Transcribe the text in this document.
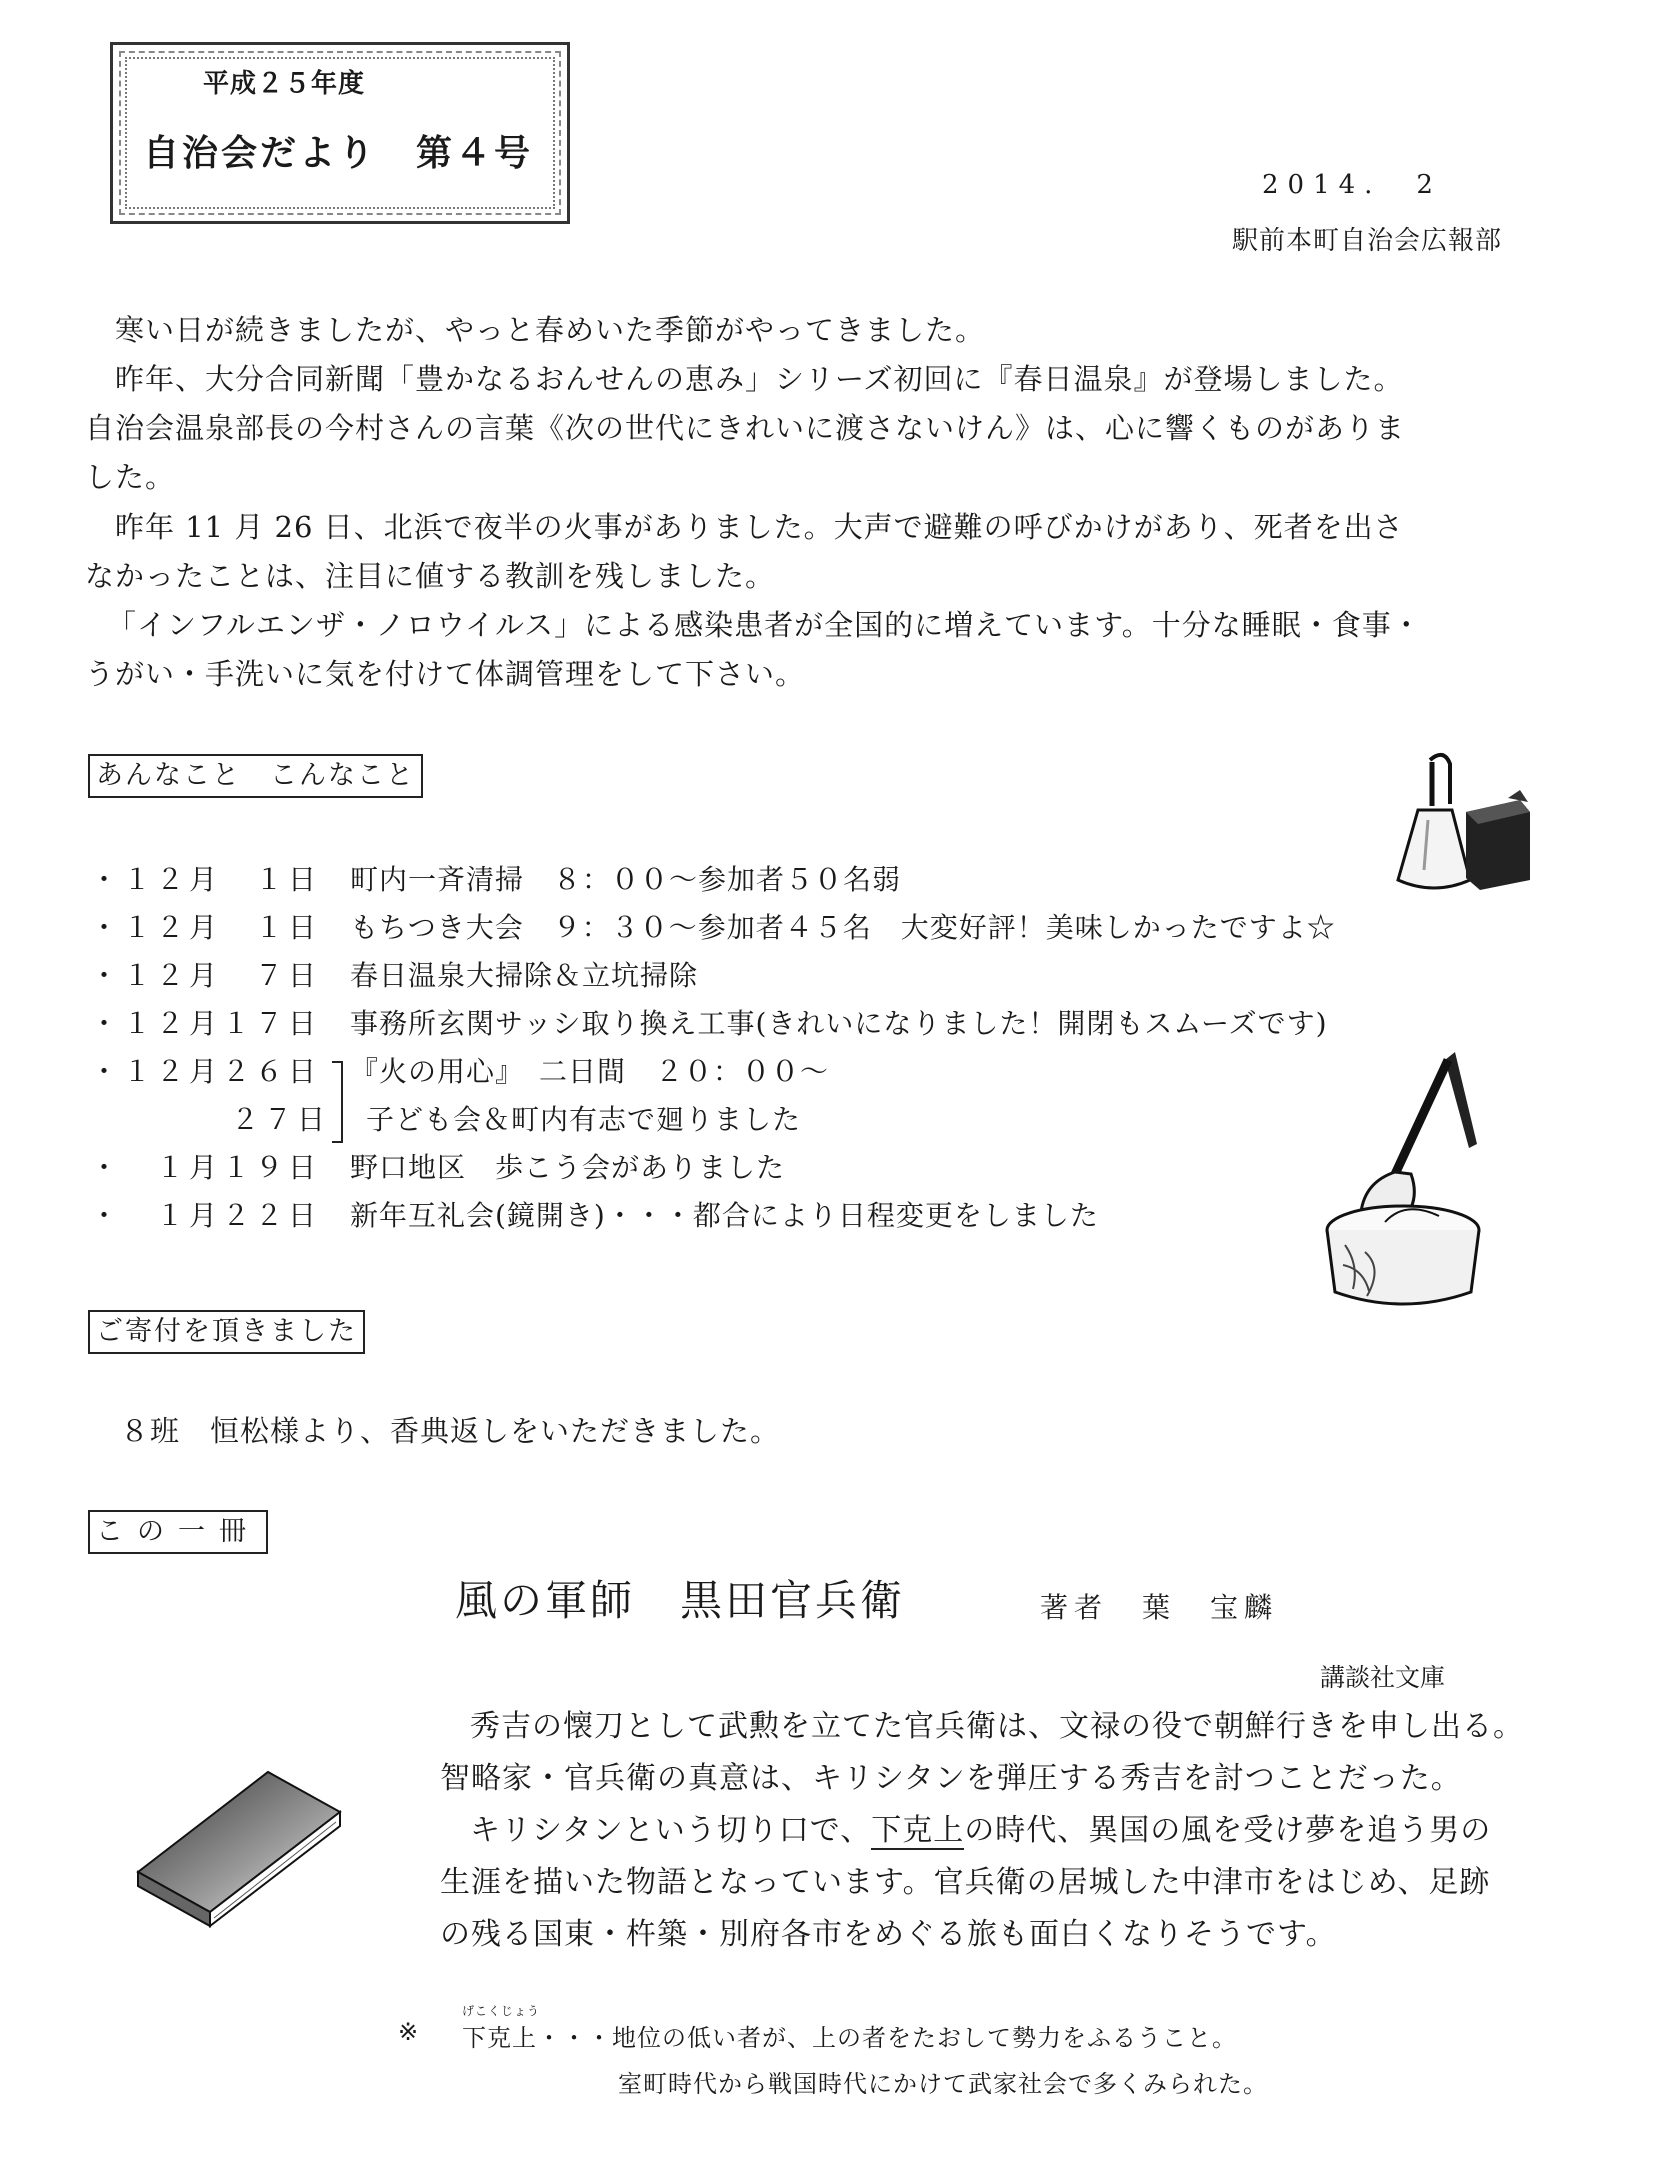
平成２５年度
自治会だより　第４号
2014.　2
駅前本町自治会広報部
寒い日が続きましたが、やっと春めいた季節がやってきました。
昨年、大分合同新聞「豊かなるおんせんの恵み」シリーズ初回に『春日温泉』が登場しました。
自治会温泉部長の今村さんの言葉《次の世代にきれいに渡さないけん》は、心に響くものがありま
した。
昨年 11 月 26 日、北浜で夜半の火事がありました。大声で避難の呼びかけがあり、死者を出さ
なかったことは、注目に値する教訓を残しました。
「インフルエンザ・ノロウイルス」による感染患者が全国的に増えています。十分な睡眠・食事・
うがい・手洗いに気を付けて体調管理をして下さい。
あんなこと　こんなこと
・１２月　１日 町内一斉清掃　８：００～参加者５０名弱
・１２月　１日 もちつき大会　９：３０～参加者４５名　大変好評！美味しかったですよ☆
・１２月　７日 春日温泉大掃除＆立坑掃除
・１２月１７日 事務所玄関サッシ取り換え工事(きれいになりました！開閉もスムーズです)
・１２月２６日 『火の用心』　二日間　２０：００～
２７日 子ども会＆町内有志で廻りました
・　１月１９日 野口地区　歩こう会がありました
・　１月２２日 新年互礼会(鏡開き)・・・都合により日程変更をしました
ご寄付を頂きました
８班　恒松様より、香典返しをいただきました。
この一冊
風の軍師　黒田官兵衛	著者　葉　宝麟
講談社文庫
秀吉の懐刀として武勲を立てた官兵衛は、文禄の役で朝鮮行きを申し出る。
智略家・官兵衛の真意は、キリシタンを弾圧する秀吉を討つことだった。
キリシタンという切り口で、下克上の時代、異国の風を受け夢を追う男の
生涯を描いた物語となっています。官兵衛の居城した中津市をはじめ、足跡
の残る国東・杵築・別府各市をめぐる旅も面白くなりそうです。
※
げこくじょう
下克上・・・地位の低い者が、上の者をたおして勢力をふるうこと。
室町時代から戦国時代にかけて武家社会で多くみられた。
